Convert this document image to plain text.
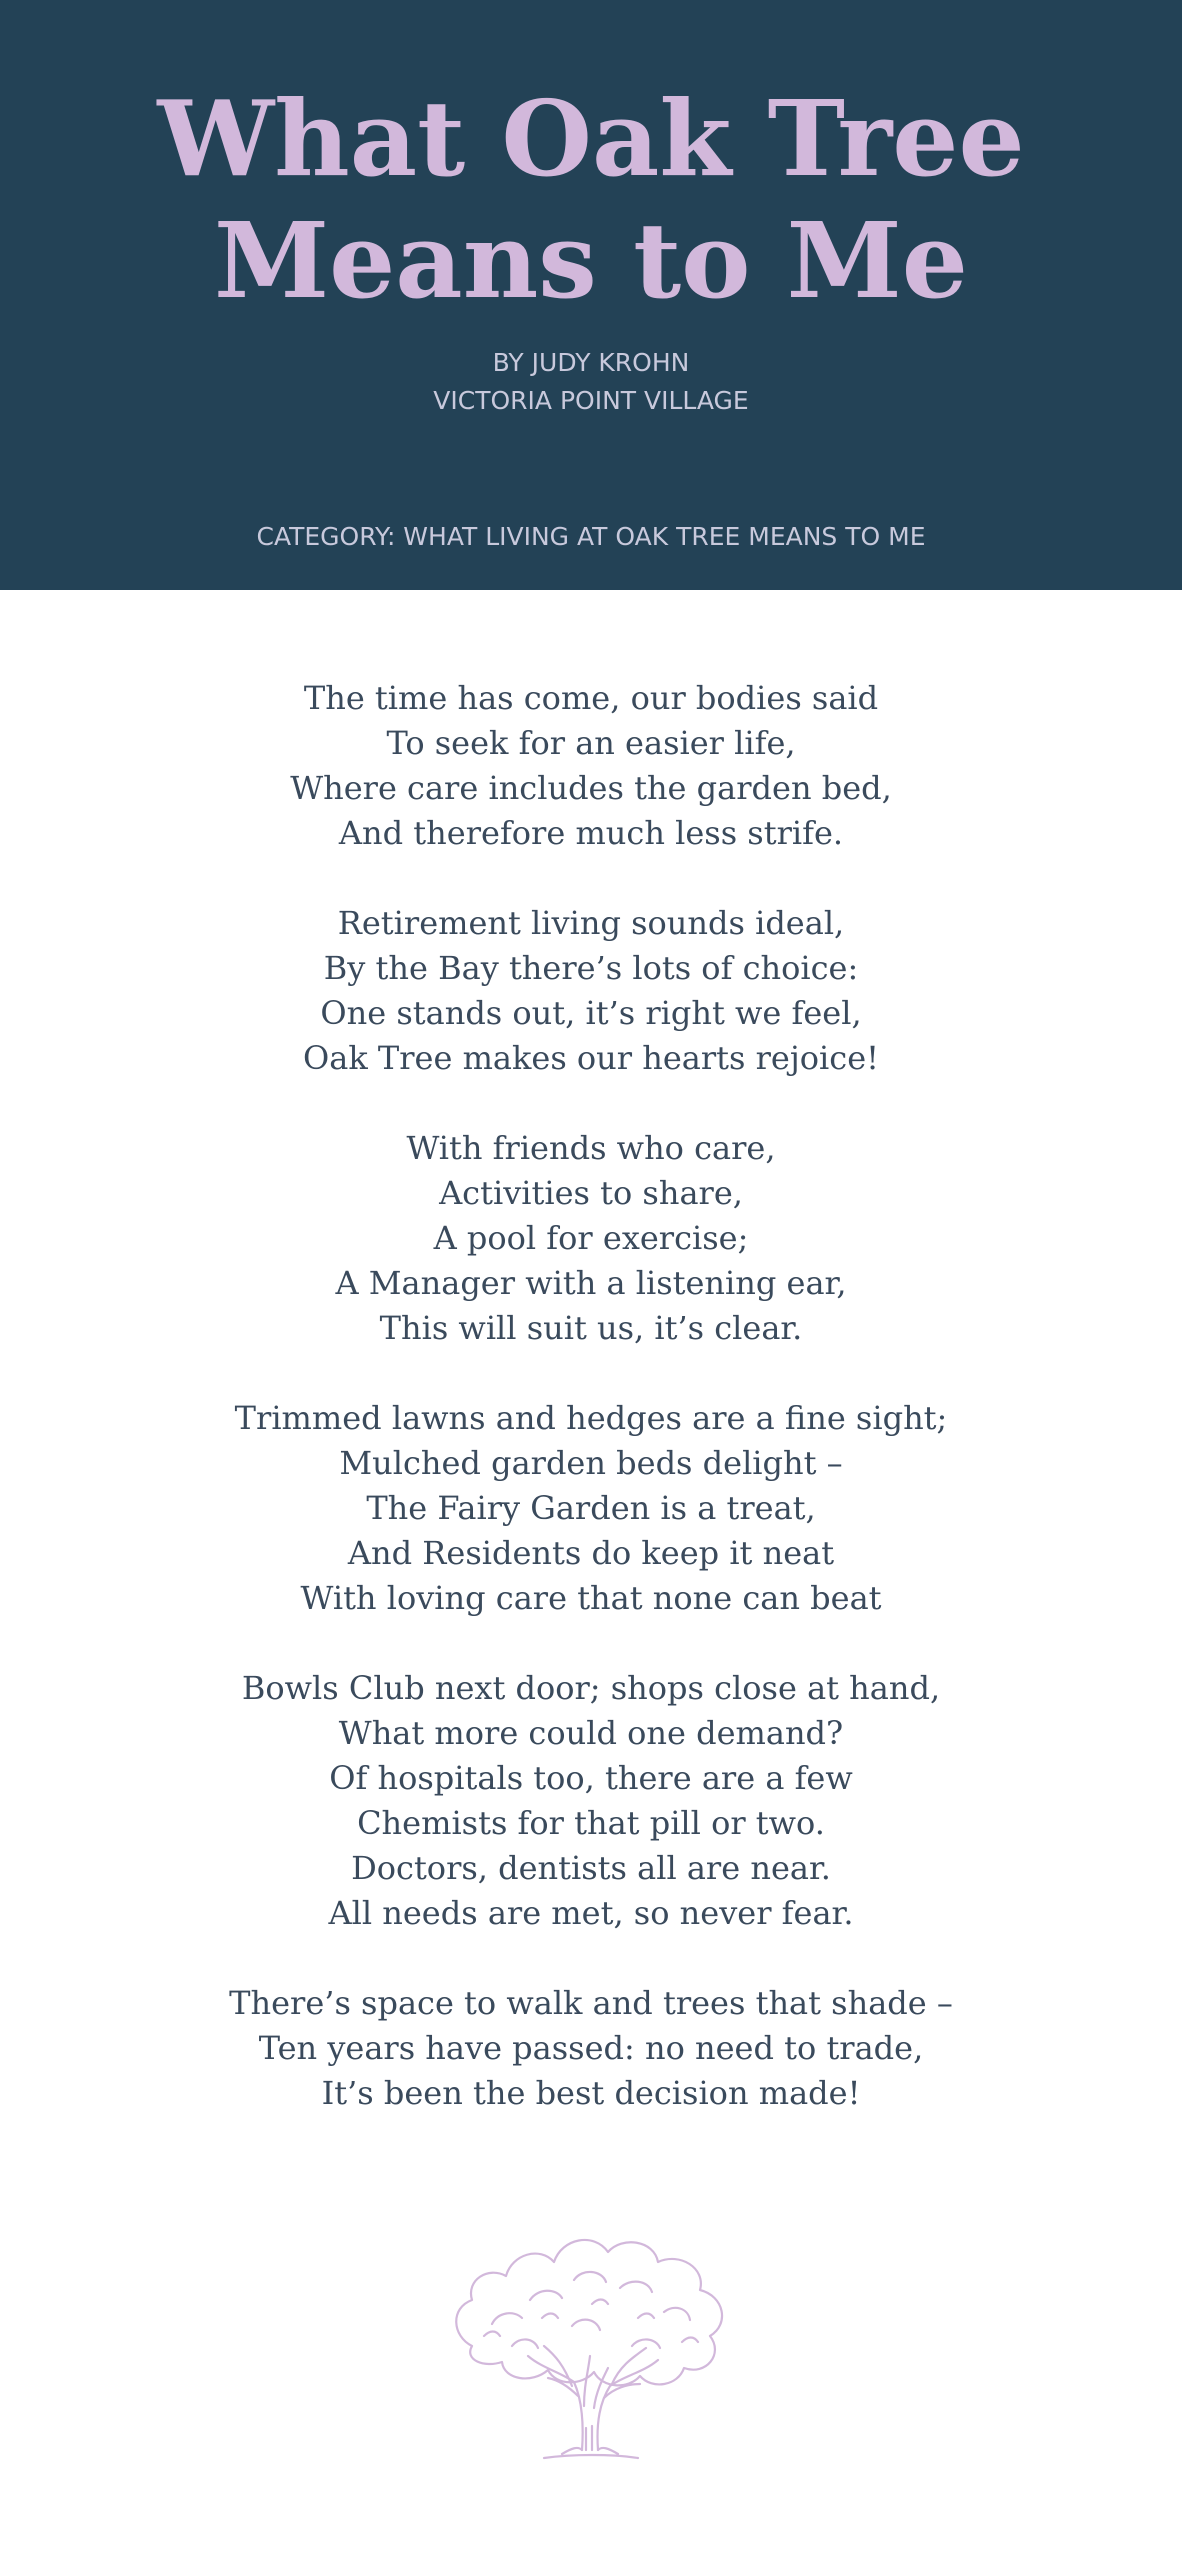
What Oak Tree
Means to Me
BY JUDY KROHN
VICTORIA POINT VILLAGE
CATEGORY: WHAT LIVING AT OAK TREE MEANS TO ME
The time has come, our bodies said
To seek for an easier life,
Where care includes the garden bed,
And therefore much less strife.
Retirement living sounds ideal,
By the Bay there’s lots of choice:
One stands out, it’s right we feel,
Oak Tree makes our hearts rejoice!
With friends who care,
Activities to share,
A pool for exercise;
A Manager with a listening ear,
This will suit us, it’s clear.
Trimmed lawns and hedges are a fine sight;
Mulched garden beds delight –
The Fairy Garden is a treat,
And Residents do keep it neat
With loving care that none can beat
Bowls Club next door; shops close at hand,
What more could one demand?
Of hospitals too, there are a few
Chemists for that pill or two.
Doctors, dentists all are near.
All needs are met, so never fear.
There’s space to walk and trees that shade –
Ten years have passed: no need to trade,
It’s been the best decision made!
